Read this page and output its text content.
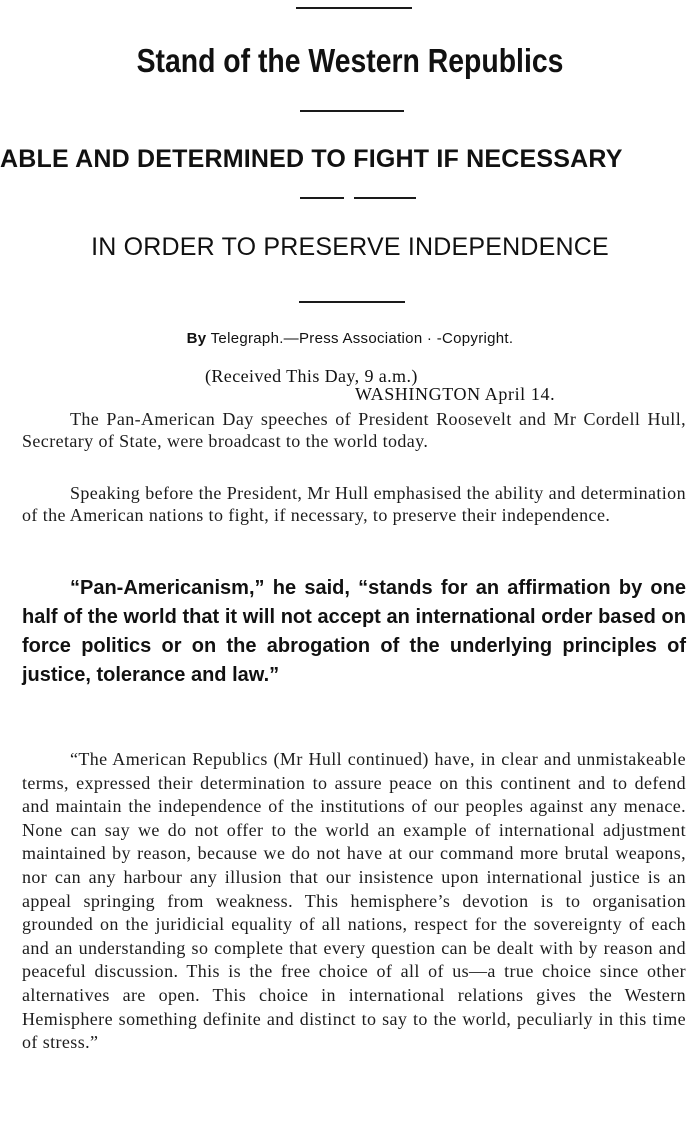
Stand of the Western Republics
ABLE AND DETERMINED TO FIGHT IF NECESSARY
IN ORDER TO PRESERVE INDEPENDENCE
By Telegraph.—Press Association · -Copyright.
(Received This Day, 9 a.m.)
WASHINGTON April 14.

The Pan-American Day speeches of President Roosevelt and Mr Cordell Hull, Secretary of State, were broadcast to the world today.

Speaking before the President, Mr Hull emphasised the ability and determination of the American nations to fight, if necessary, to preserve their independence.

“Pan-Americanism,” he said, “stands for an affirmation by one half of the world that it will not accept an international order based on force politics or on the abrogation of the underlying principles of justice, tolerance and law.”

“The American Republics (Mr Hull continued) have, in clear and unmistakeable terms, expressed their determination to assure peace on this continent and to defend and maintain the independence of the institutions of our peoples against any menace. None can say we do not offer to the world an example of international adjustment maintained by reason, because we do not have at our command more brutal weapons, nor can any harbour any illusion that our insistence upon international justice is an appeal springing from weakness. This hemisphere’s devotion is to organisation grounded on the juridicial equality of all nations, respect for the sovereignty of each and an understanding so complete that every question can be dealt with by reason and peaceful discussion. This is the free choice of all of us—a true choice since other alternatives are open. This choice in international relations gives the Western Hemisphere something definite and distinct to say to the world, peculiarly in this time of stress.”
